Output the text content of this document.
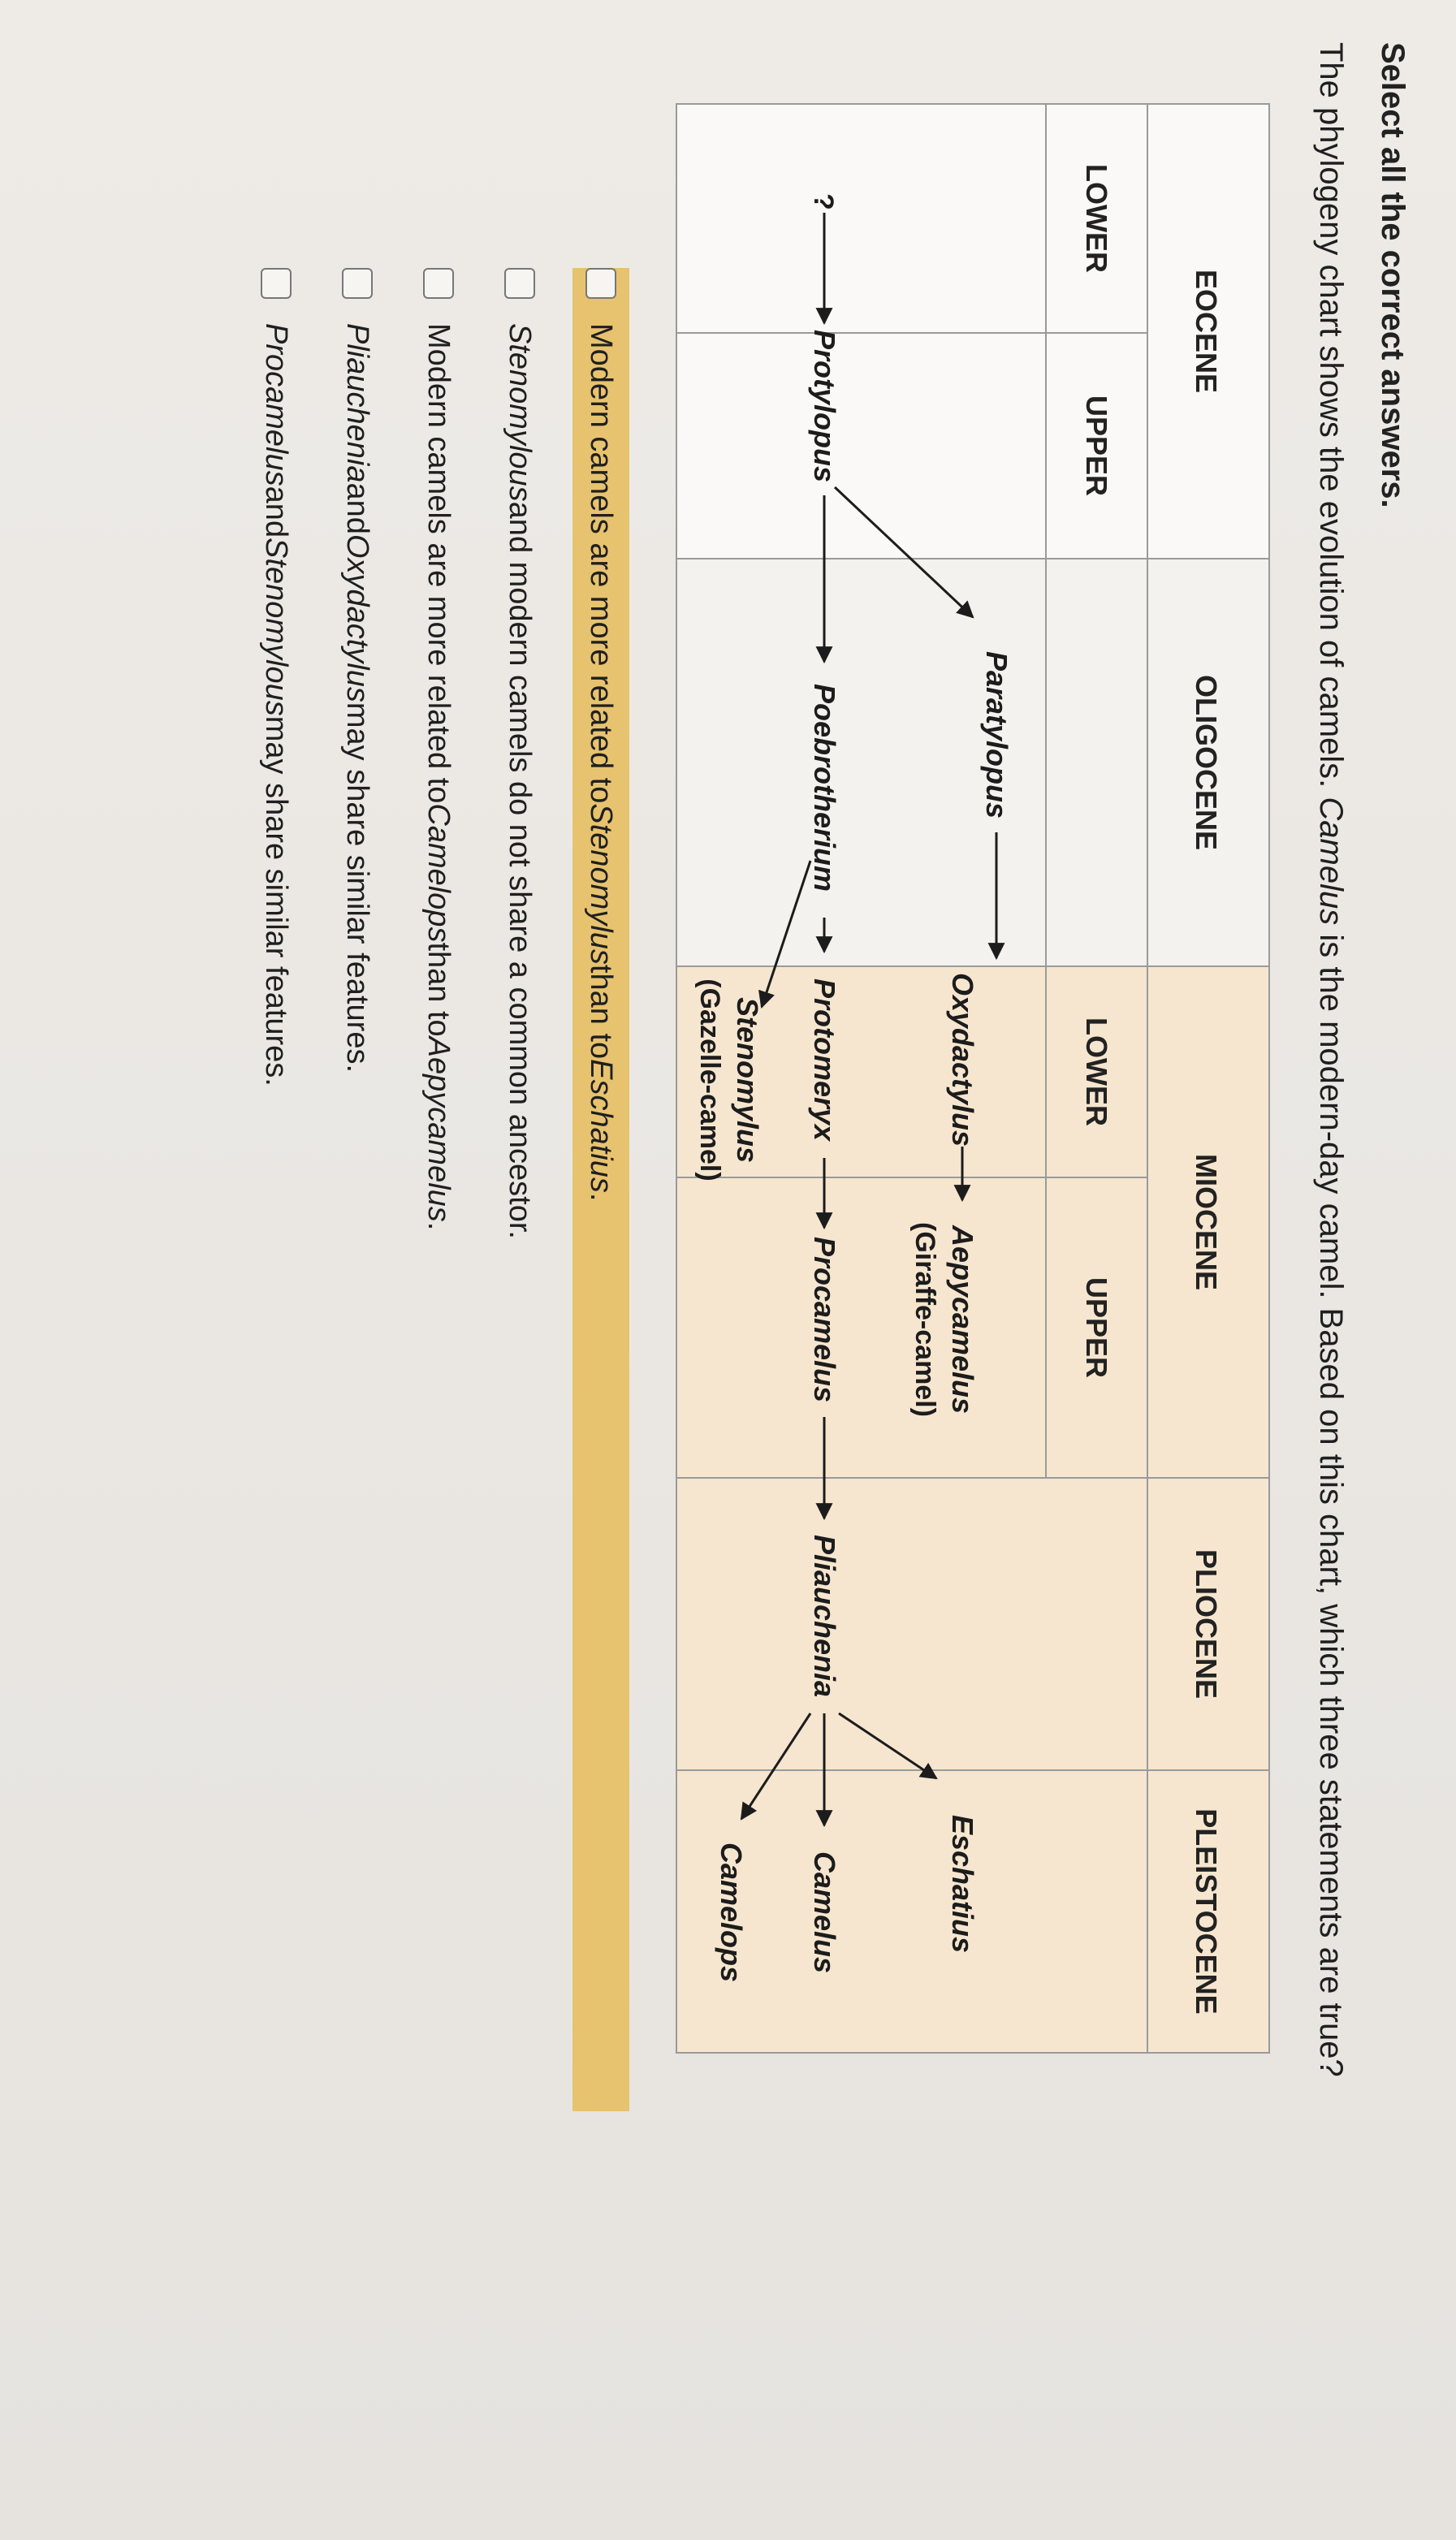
Select all the correct answers.
The phylogeny chart shows the evolution of camels. Camelus is the modern-day camel. Based on this chart, which three statements are true?
EOCENE
OLIGOCENE
MIOCENE
PLIOCENE
PLEISTOCENE
LOWER
UPPER
LOWER
UPPER
?
Protylopus
Paratylopus
Oxydactylus
Aepycamelus
(Giraffe-camel)
Poebrotherium
Protomeryx
Procamelus
Pliauchenia
Stenomylus
(Gazelle-camel)
Eschatius
Camelus
Camelops
Modern camels are more related to
Stenomylus
than to
Eschatius
.
Stenomylous
and modern camels do not share a common ancestor.
Modern camels are more related to
Camelops
than to
Aepycamelus
.
Pliauchenia
and
Oxydactylus
may share similar features.
Procamelus
and
Stenomylous
may share similar features.
